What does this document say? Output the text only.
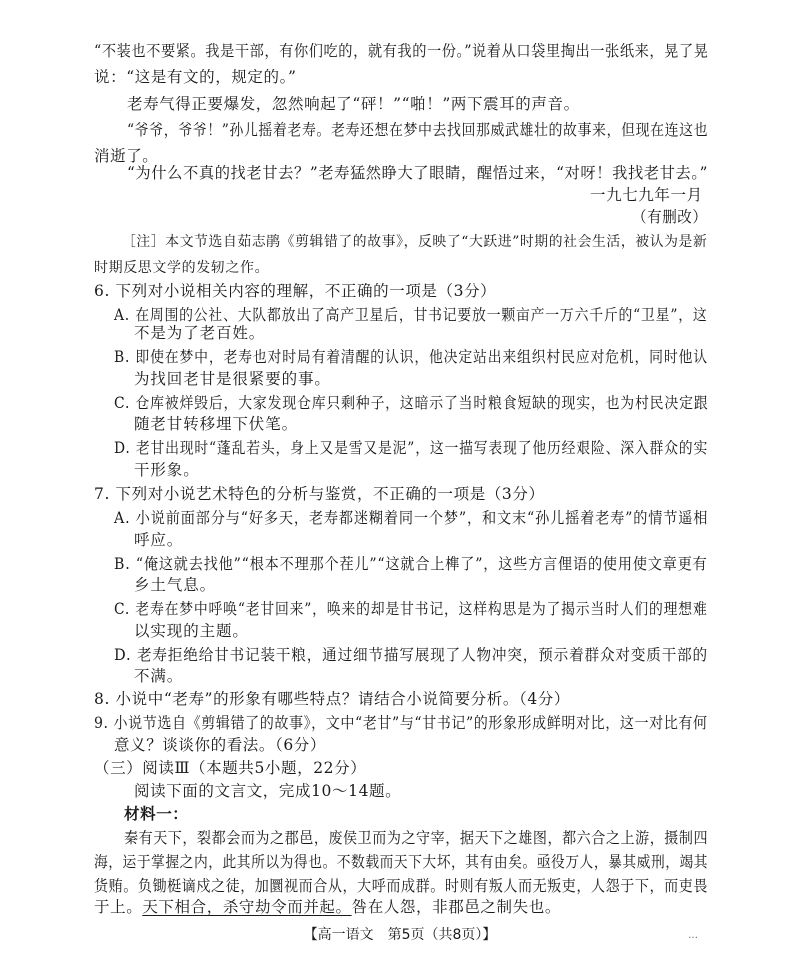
“不装也不要紧。我是干部，有你们吃的，就有我的一份。”说着从口袋里掏出一张纸来，晃了晃
说：“这是有文的，规定的。”
老寿气得正要爆发，忽然响起了“砰！”“啪！”两下震耳的声音。
“爷爷，爷爷！”孙儿摇着老寿。老寿还想在梦中去找回那威武雄壮的故事来，但现在连这也
消逝了。
“为什么不真的找老甘去？”老寿猛然睁大了眼睛，醒悟过来，“对呀！我找老甘去。”
一九七九年一月
（有删改）
［注］本文节选自茹志鹃《剪辑错了的故事》，反映了“大跃进”时期的社会生活，被认为是新
时期反思文学的发轫之作。
6. 下列对小说相关内容的理解，不正确的一项是（3分）
A. 在周围的公社、大队都放出了高产卫星后，甘书记要放一颗亩产一万六千斤的“卫星”，这
不是为了老百姓。
B. 即使在梦中，老寿也对时局有着清醒的认识，他决定站出来组织村民应对危机，同时他认
为找回老甘是很紧要的事。
C. 仓库被烊毁后，大家发现仓库只剩种子，这暗示了当时粮食短缺的现实，也为村民决定跟
随老甘转移埋下伏笔。
D. 老甘出现时“蓬乱若头，身上又是雪又是泥”，这一描写表现了他历经艰险、深入群众的实
干形象。
7. 下列对小说艺术特色的分析与鉴赏，不正确的一项是（3分）
A. 小说前面部分与“好多天，老寿都迷糊着同一个梦”，和文末“孙儿摇着老寿”的情节遥相
呼应。
B. “俺这就去找他”“根本不理那个茬儿”“这就合上榫了”，这些方言俚语的使用使文章更有
乡土气息。
C. 老寿在梦中呼唤“老甘回来”，唤来的却是甘书记，这样构思是为了揭示当时人们的理想难
以实现的主题。
D. 老寿拒绝给甘书记装干粮，通过细节描写展现了人物冲突，预示着群众对变质干部的
不满。
8. 小说中“老寿”的形象有哪些特点？请结合小说简要分析。（4分）
9. 小说节选自《剪辑错了的故事》，文中“老甘”与“甘书记”的形象形成鲜明对比，这一对比有何
意义？谈谈你的看法。（6分）
（三）阅读Ⅲ（本题共5小题，22分）
阅读下面的文言文，完成10～14题。
材料一：
秦有天下，裂都会而为之郡邑，废侯卫而为之守宰，据天下之雄图，都六合之上游，摄制四
海，运于掌握之内，此其所以为得也。不数载而天下大坏，其有由矣。亟役万人，暴其威刑，竭其
货贿。负锄梃谪戍之徒，加圜视而合从，大呼而成群。时则有叛人而无叛吏，人怨于下，而吏畏
于上。天下相合，杀守劫令而并起。咎在人怨，非郡邑之制失也。
【高一语文　第5页（共8页）】	…
